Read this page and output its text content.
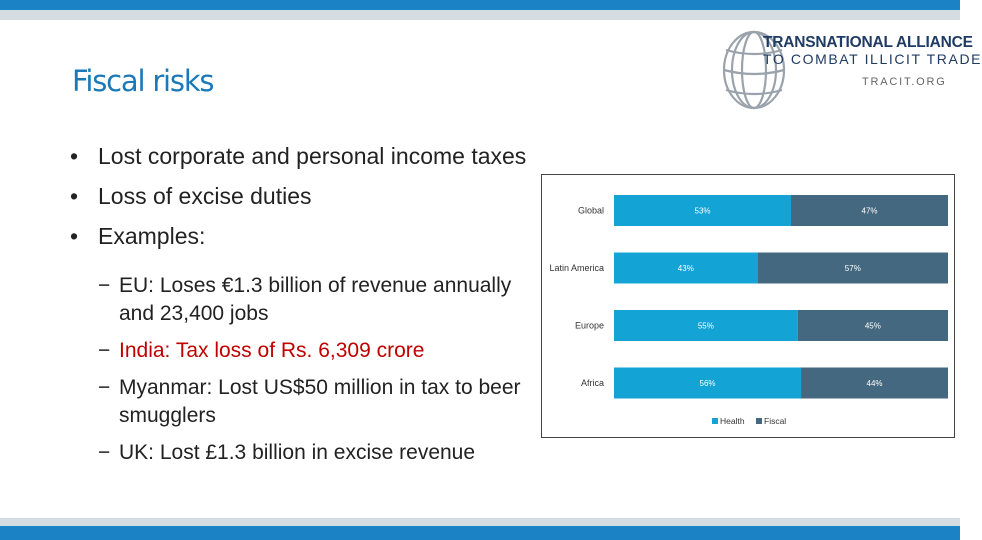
Fiscal risks
TRANSNATIONAL ALLIANCE
TO COMBAT ILLICIT TRADE
TRACIT.ORG
• Lost corporate and personal income taxes
• Loss of excise duties
• Examples:
− EU: Loses €1.3 billion of revenue annually and 23,400 jobs
− India: Tax loss of Rs. 6,309 crore
− Myanmar: Lost US$50 million in tax to beer smugglers
− UK: Lost £1.3 billion in excise revenue
Global	53%	47%
Latin America	43%	57%
Europe	55%	45%
Africa	56%	44%
Health Fiscal
